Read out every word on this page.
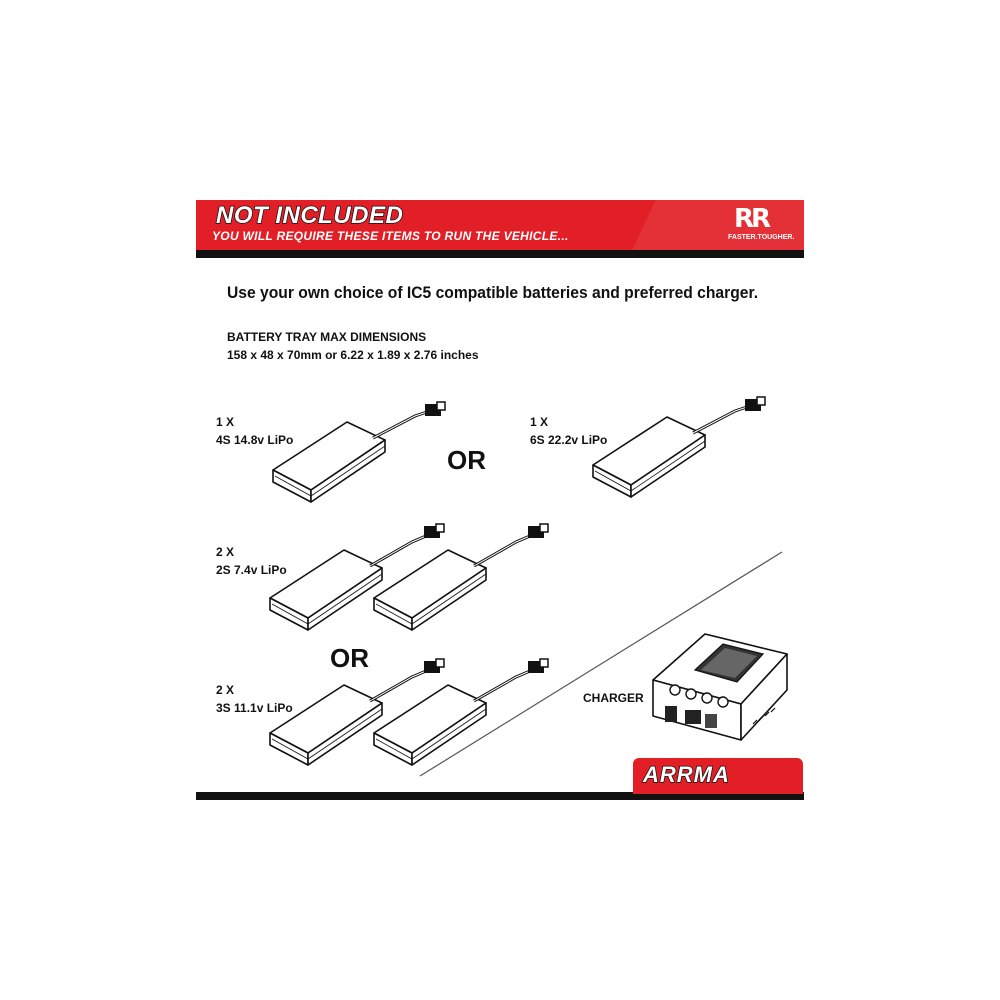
NOT INCLUDED
YOU WILL REQUIRE THESE ITEMS TO RUN THE VEHICLE...
RR
FASTER.TOUGHER.
Use your own choice of IC5 compatible batteries and preferred charger.
BATTERY TRAY MAX DIMENSIONS
158 x 48 x 70mm or 6.22 x 1.89 x 2.76 inches
1 X
4S 14.8v LiPo
1 X
6S 22.2v LiPo
2 X
2S 7.4v LiPo
2 X
3S 11.1v LiPo
OR
OR
CHARGER
ARRMA
